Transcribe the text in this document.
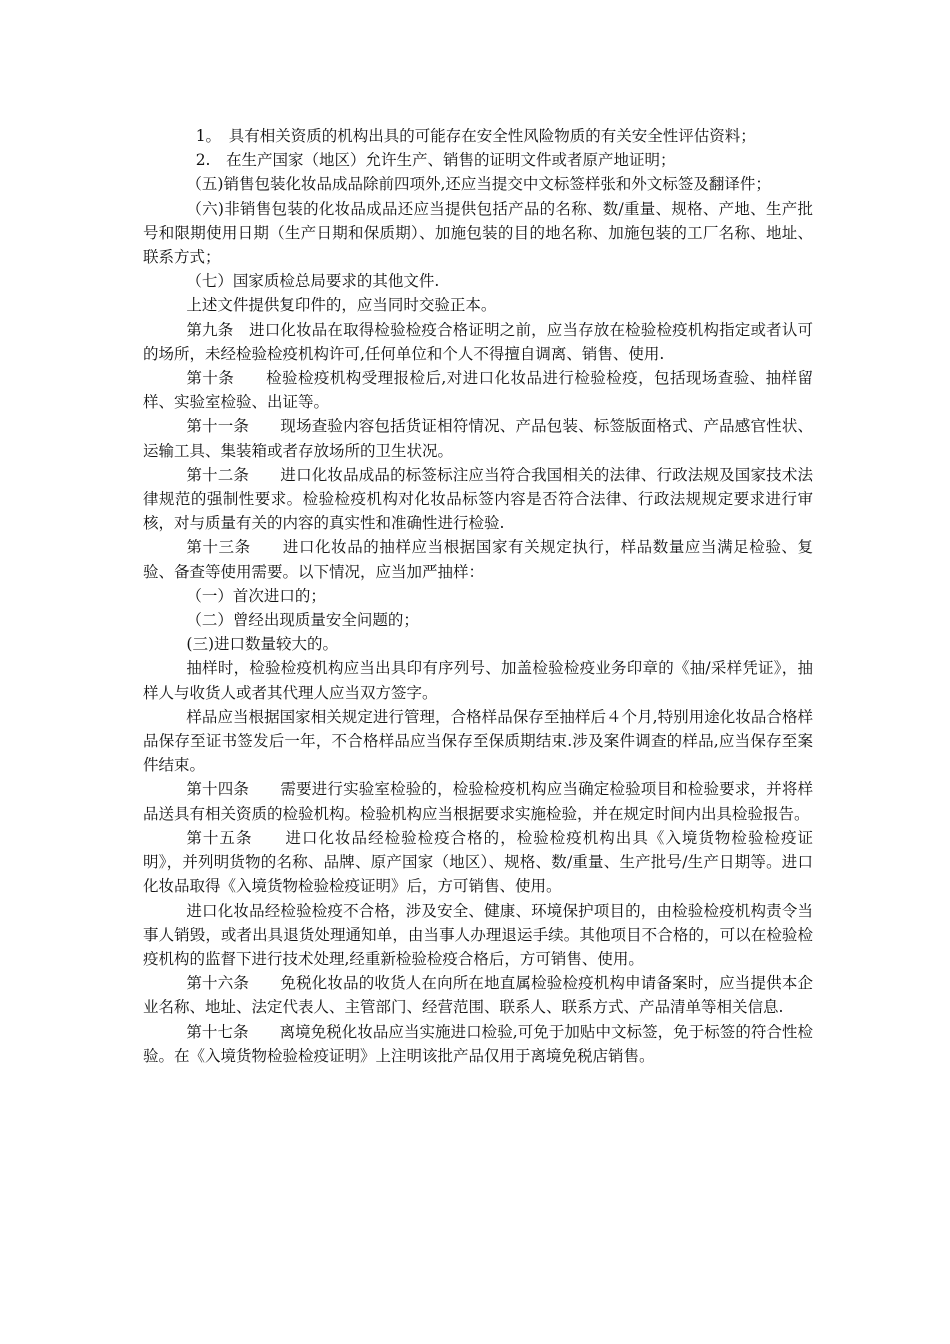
1。　具有相关资质的机构出具的可能存在安全性风险物质的有关安全性评估资料；

2.　在生产国家（地区）允许生产、销售的证明文件或者原产地证明；

（五)销售包装化妆品成品除前四项外,还应当提交中文标签样张和外文标签及翻译件；

（六)非销售包装的化妆品成品还应当提供包括产品的名称、数/重量、规格、产地、生产批号和限期使用日期（生产日期和保质期）、加施包装的目的地名称、加施包装的工厂名称、地址、联系方式；

（七）国家质检总局要求的其他文件.

上述文件提供复印件的，应当同时交验正本。

第九条　进口化妆品在取得检验检疫合格证明之前，应当存放在检验检疫机构指定或者认可的场所，未经检验检疫机构许可,任何单位和个人不得擅自调离、销售、使用.

第十条　　检验检疫机构受理报检后,对进口化妆品进行检验检疫，包括现场查验、抽样留样、实验室检验、出证等。

第十一条　　现场查验内容包括货证相符情况、产品包装、标签版面格式、产品感官性状、运输工具、集装箱或者存放场所的卫生状况。

第十二条　　进口化妆品成品的标签标注应当符合我国相关的法律、行政法规及国家技术法律规范的强制性要求。检验检疫机构对化妆品标签内容是否符合法律、行政法规规定要求进行审核，对与质量有关的内容的真实性和准确性进行检验.

第十三条　　进口化妆品的抽样应当根据国家有关规定执行，样品数量应当满足检验、复验、备查等使用需要。以下情况，应当加严抽样：

（一）首次进口的；

（二）曾经出现质量安全问题的；

(三)进口数量较大的。

抽样时，检验检疫机构应当出具印有序列号、加盖检验检疫业务印章的《抽/采样凭证》，抽样人与收货人或者其代理人应当双方签字。

样品应当根据国家相关规定进行管理，合格样品保存至抽样后４个月,特别用途化妆品合格样品保存至证书签发后一年，不合格样品应当保存至保质期结束.涉及案件调查的样品,应当保存至案件结束。

第十四条　　需要进行实验室检验的，检验检疫机构应当确定检验项目和检验要求，并将样品送具有相关资质的检验机构。检验机构应当根据要求实施检验，并在规定时间内出具检验报告。

第十五条　　进口化妆品经检验检疫合格的，检验检疫机构出具《入境货物检验检疫证明》，并列明货物的名称、品牌、原产国家（地区）、规格、数/重量、生产批号/生产日期等。进口化妆品取得《入境货物检验检疫证明》后，方可销售、使用。

进口化妆品经检验检疫不合格，涉及安全、健康、环境保护项目的，由检验检疫机构责令当事人销毁，或者出具退货处理通知单，由当事人办理退运手续。其他项目不合格的，可以在检验检疫机构的监督下进行技术处理,经重新检验检疫合格后，方可销售、使用。

第十六条　　免税化妆品的收货人在向所在地直属检验检疫机构申请备案时，应当提供本企业名称、地址、法定代表人、主管部门、经营范围、联系人、联系方式、产品清单等相关信息.

第十七条　　离境免税化妆品应当实施进口检验,可免于加贴中文标签，免于标签的符合性检验。在《入境货物检验检疫证明》上注明该批产品仅用于离境免税店销售。
